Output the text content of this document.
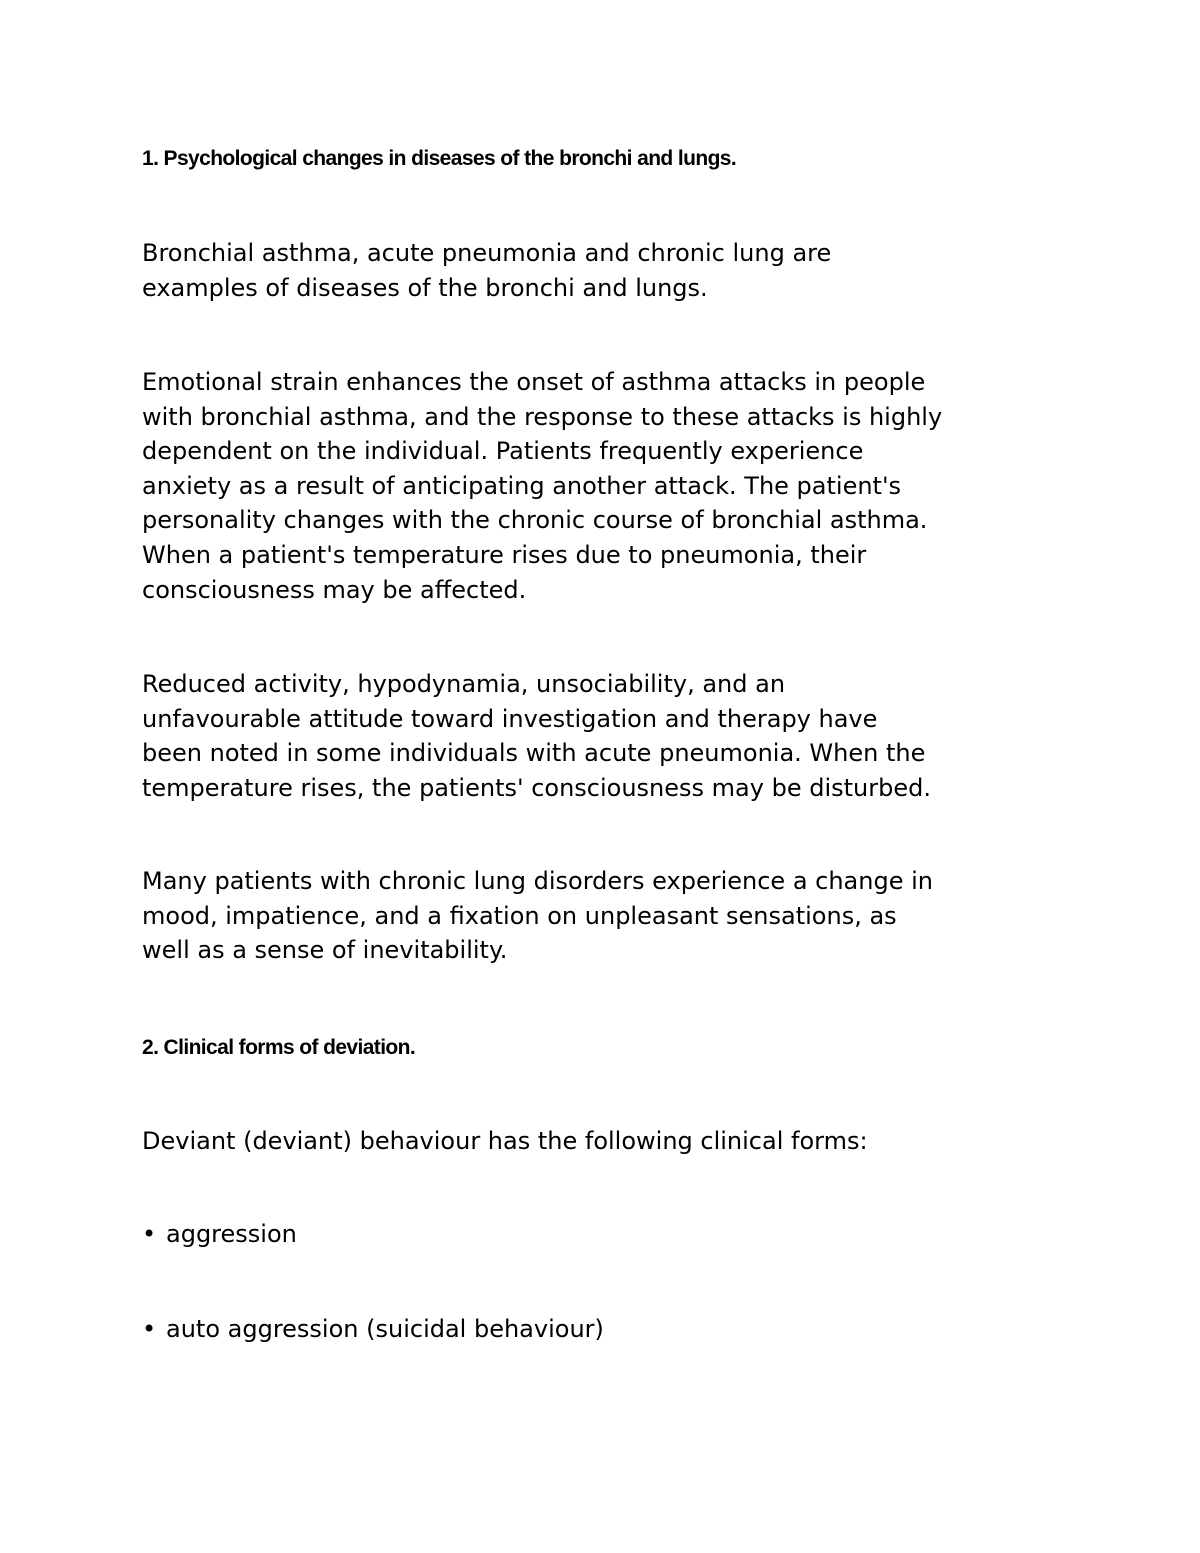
1. Psychological changes in diseases of the bronchi and lungs.

Bronchial asthma, acute pneumonia and chronic lung are
examples of diseases of the bronchi and lungs.

Emotional strain enhances the onset of asthma attacks in people
with bronchial asthma, and the response to these attacks is highly
dependent on the individual. Patients frequently experience
anxiety as a result of anticipating another attack. The patient's
personality changes with the chronic course of bronchial asthma.
When a patient's temperature rises due to pneumonia, their
consciousness may be affected.

Reduced activity, hypodynamia, unsociability, and an
unfavourable attitude toward investigation and therapy have
been noted in some individuals with acute pneumonia. When the
temperature rises, the patients' consciousness may be disturbed.

Many patients with chronic lung disorders experience a change in
mood, impatience, and a fixation on unpleasant sensations, as
well as a sense of inevitability.

2. Clinical forms of deviation.

Deviant (deviant) behaviour has the following clinical forms:

• aggression

• auto aggression (suicidal behaviour)
